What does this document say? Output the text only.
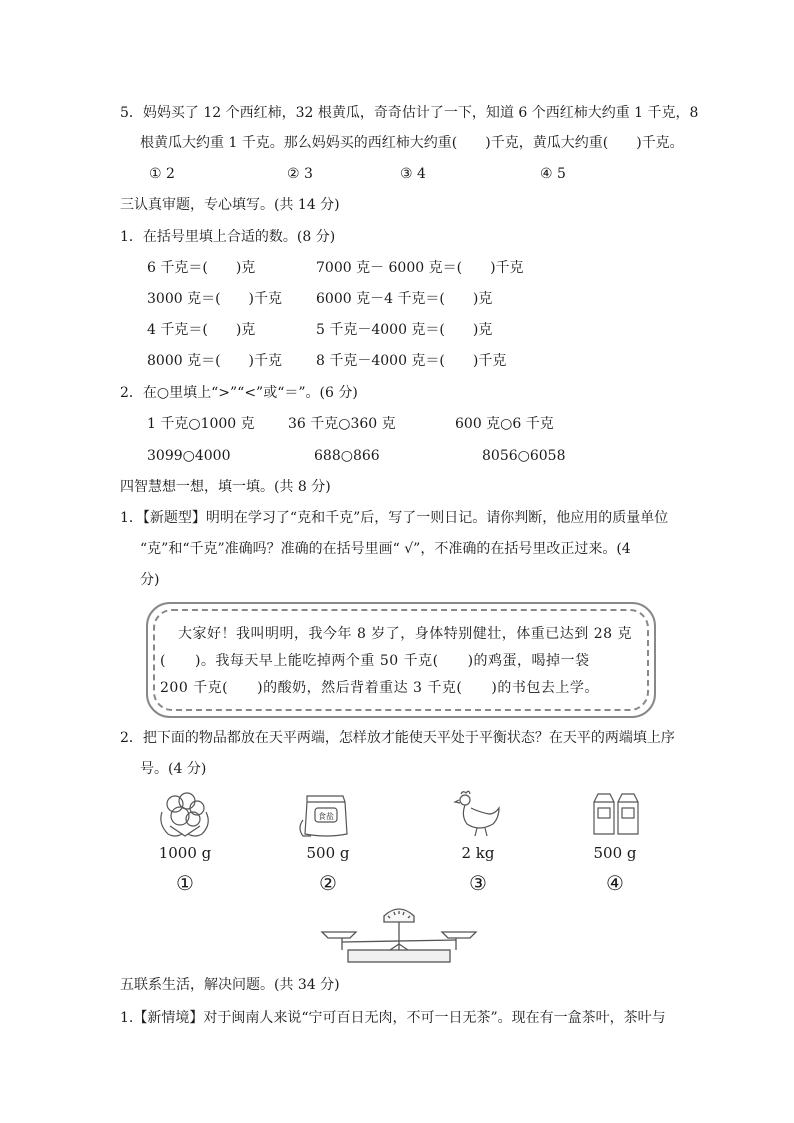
5．妈妈买了 12 个西红柿，32 根黄瓜，奇奇估计了一下，知道 6 个西红柿大约重 1 千克，8
根黄瓜大约重 1 千克。那么妈妈买的西红柿大约重(　　)千克，黄瓜大约重(　　)千克。
① 2	② 3	③ 4	④ 5
三认真审题，专心填写。(共 14 分)
1．在括号里填上合适的数。(8 分)
6 千克＝(　　)克	7000 克－ 6000 克＝(　　)千克
3000 克＝(　　)千克 6000 克－4 千克＝(　　)克
4 千克＝(　　)克	5 千克－4000 克＝(　　)克
8000 克＝(　　)千克 8 千克－4000 克＝(　　)千克
2．在○里填上“>”“<”或“＝”。(6 分)
1 千克○1000 克 36 千克○360 克	600 克○6 千克
3099○4000	688○866	8056○6058
四智慧想一想，填一填。(共 8 分)
1．【新题型】明明在学习了“克和千克”后，写了一则日记。请你判断，他应用的质量单位
“克”和“千克”准确吗？准确的在括号里画“ √”，不准确的在括号里改正过来。(4
分)
大家好！我叫明明，我今年 8 岁了，身体特别健壮，体重已达到 28 克
(　　)。我每天早上能吃掉两个重 50 千克(　　)的鸡蛋，喝掉一袋
200 千克(　　)的酸奶，然后背着重达 3 千克(　　)的书包去上学。
2．把下面的物品都放在天平两端，怎样放才能使天平处于平衡状态？在天平的两端填上序
号。(4 分)
1000 g
①
食盐
500 g
②
2 kg
③
500 g
④
五联系生活，解决问题。(共 34 分)
1.【新情境】对于闽南人来说“宁可百日无肉，不可一日无茶”。现在有一盒茶叶，茶叶与
